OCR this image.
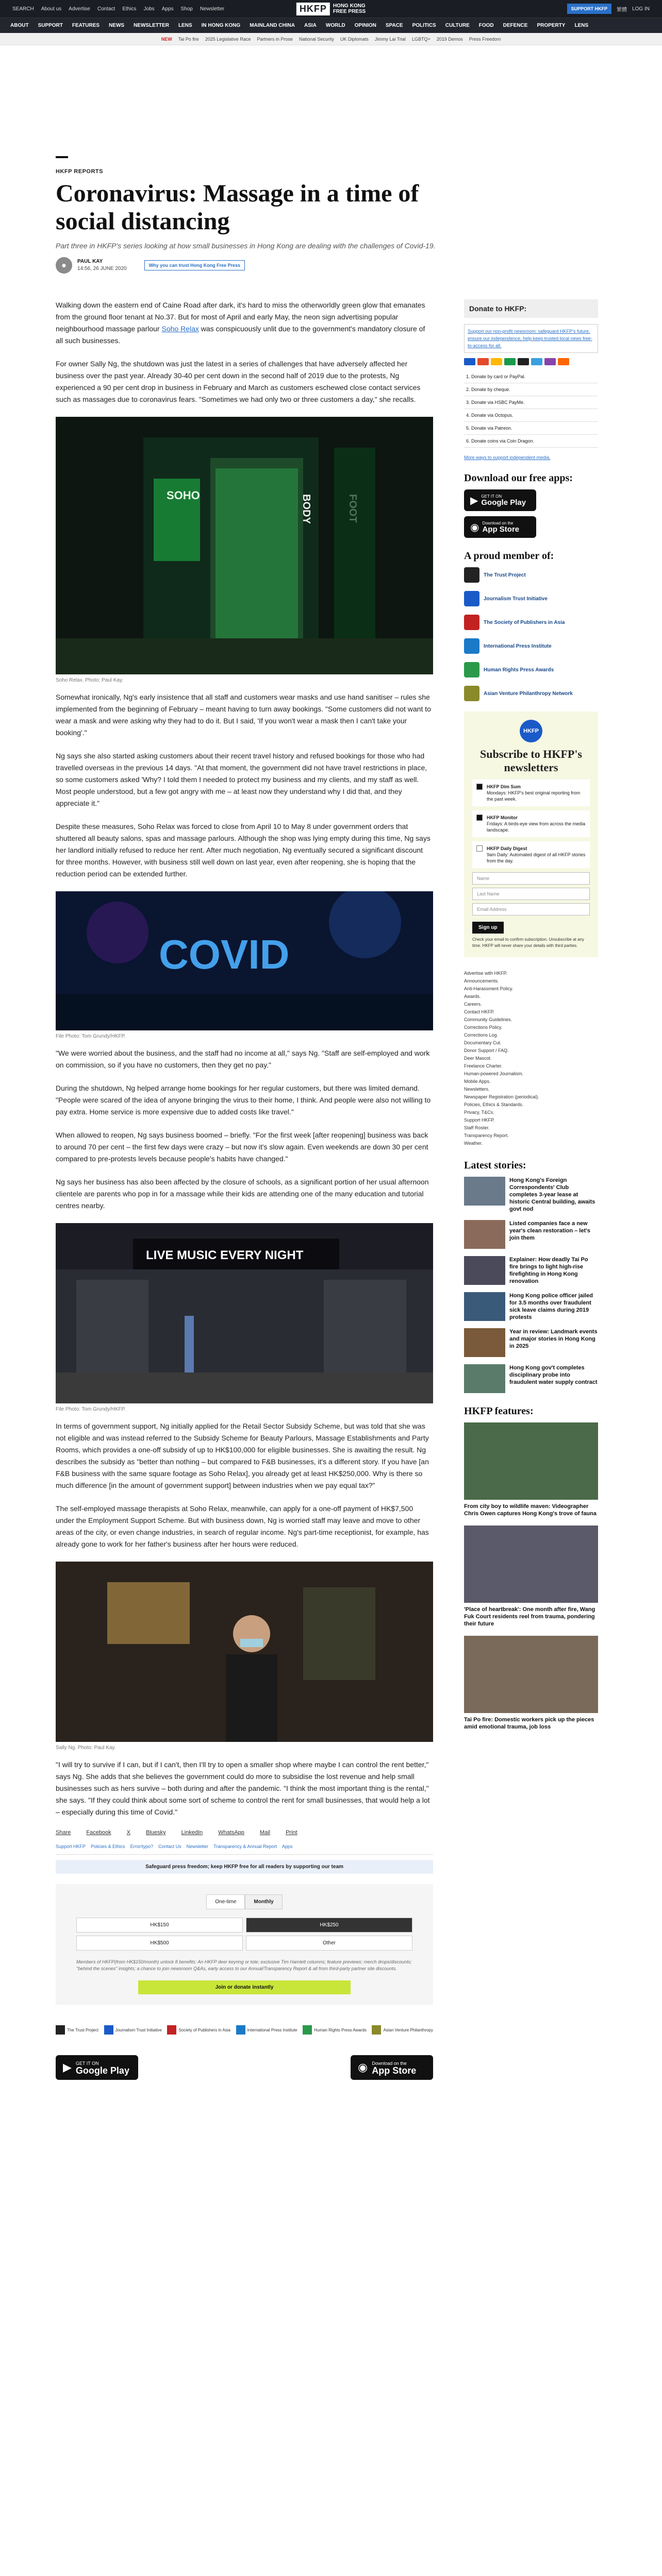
SEARCH About us Advertise Contact Ethics Jobs Apps Shop Newsletter	HKFP	HONG KONG
FREE PRESS	SUPPORT HKFP	繁體 LOG IN
ABOUT SUPPORT FEATURES NEWS NEWSLETTER LENS IN HONG KONG MAINLAND CHINA ASIA WORLD OPINION SPACE POLITICS CULTURE FOOD DEFENCE PROPERTY LENS
NEW Tai Po fire 2025 Legislative Race Partners in Prose National Security UK Diplomats Jimmy Lai Trial LGBTQ+ 2019 Demos Press Freedom
HKFP REPORTS
Coronavirus: Massage in a time of social distancing
Part three in HKFP's series looking at how small businesses in Hong Kong are dealing with the challenges of Covid-19.
☻
PAUL KAY
14:56, 26 JUNE 2020
Why you can trust Hong Kong Free Press

Walking down the eastern end of Caine Road after dark, it's hard to miss the otherworldly green glow that emanates from the ground floor tenant at No.37. But for most of April and early May, the neon sign advertising popular neighbourhood massage parlour Soho Relax was conspicuously unlit due to the government's mandatory closure of all such businesses.

For owner Sally Ng, the shutdown was just the latest in a series of challenges that have adversely affected her business over the past year. Already 30-40 per cent down in the second half of 2019 due to the protests, Ng experienced a 90 per cent drop in business in February and March as customers eschewed close contact services such as massages due to coronavirus fears. "Sometimes we had only two or three customers a day," she recalls.

SOHO	BODY
Soho Relax. Photo: Paul Kay.

Somewhat ironically, Ng's early insistence that all staff and customers wear masks and use hand sanitiser – rules she implemented from the beginning of February – meant having to turn away bookings. "Some customers did not want to wear a mask and were asking why they had to do it. But I said, 'If you won't wear a mask then I can't take your booking'."

Ng says she also started asking customers about their recent travel history and refused bookings for those who had travelled overseas in the previous 14 days. "At that moment, the government did not have travel restrictions in place, so some customers asked 'Why? I told them I needed to protect my business and my clients, and my staff as well. Most people understood, but a few got angry with me – at least now they understand why I did that, and they appreciate it."

Despite these measures, Soho Relax was forced to close from April 10 to May 8 under government orders that shuttered all beauty salons, spas and massage parlours. Although the shop was lying empty during this time, Ng says her landlord initially refused to reduce her rent. After much negotiation, Ng eventually secured a significant discount for three months. However, with business still well down on last year, even after reopening, she is hoping that the reduction period can be extended further.

COVID
File Photo: Tom Grundy/HKFP.

"We were worried about the business, and the staff had no income at all," says Ng. "Staff are self-employed and work on commission, so if you have no customers, then they get no pay."

During the shutdown, Ng helped arrange home bookings for her regular customers, but there was limited demand. "People were scared of the idea of anyone bringing the virus to their home, I think. And people were also not willing to pay extra. Home service is more expensive due to added costs like travel."

When allowed to reopen, Ng says business boomed – briefly. "For the first week [after reopening] business was back to around 70 per cent – the first few days were crazy – but now it's slow again. Even weekends are down 30 per cent compared to pre-protests levels because people's habits have changed."

Ng says her business has also been affected by the closure of schools, as a significant portion of her usual afternoon clientele are parents who pop in for a massage while their kids are attending one of the many education and tutorial centres nearby.

LIVE MUSIC EVERY NIGHT
File Photo: Tom Grundy/HKFP.

In terms of government support, Ng initially applied for the Retail Sector Subsidy Scheme, but was told that she was not eligible and was instead referred to the Subsidy Scheme for Beauty Parlours, Massage Establishments and Party Rooms, which provides a one-off subsidy of up to HK$100,000 for eligible businesses. She is awaiting the result. Ng describes the subsidy as "better than nothing – but compared to F&B businesses, it's a different story. If you have [an F&B business with the same square footage as Soho Relax], you already get at least HK$250,000. Why is there so much difference [in the amount of government support] between industries when we pay equal tax?"

The self-employed massage therapists at Soho Relax, meanwhile, can apply for a one-off payment of HK$7,500 under the Employment Support Scheme. But with business down, Ng is worried staff may leave and move to other areas of the city, or even change industries, in search of regular income. Ng's part-time receptionist, for example, has already gone to work for her father's business after her hours were reduced.

Sally Ng. Photo: Paul Kay.

"I will try to survive if I can, but if I can't, then I'll try to open a smaller shop where maybe I can control the rent better," says Ng. She adds that she believes the government could do more to subsidise the lost revenue and help small businesses such as hers survive – both during and after the pandemic. "I think the most important thing is the rental," she says. "If they could think about some sort of scheme to control the rent for small businesses, that would help a lot – especially during this time of Covid."

Share	Facebook	X	Bluesky	LinkedIn	WhatsApp	Mail	Print
Support HKFP Policies & Ethics Error/typo? Contact Us Newsletter Transparency & Annual Report Apps
Safeguard press freedom; keep HKFP free for all readers by supporting our team
One-time	Monthly
HK$150	HK$250
HK$500	Other
Members of HKFP(from HK$150/month) unlock 8 benefits: An HKFP deer keyring or tote; exclusive Tim Hamlett columns; feature previews; merch drops/discounts; "behind the scenes" insights; a chance to join newsroom Q&As, early access to our Annual/Transparency Report & all from third-party partner site discounts.
Join or donate instantly
The Trust Project	Journalism Trust Initiative	Society of Publishers in Asia	International Press Institute	Human Rights Press Awards	Asian Venture Philanthropy
▶ GET IT ON
Google Play	◉ Download on the
App Store
Donate to HKFP:
Support our non-profit newsroom: safeguard HKFP's future, ensure our independence, help keep trusted local news free-to-access for all.
1. Donate by card or PayPal.
2. Donate by cheque.
3. Donate via HSBC PayMe.
4. Donate via Octopus.
5. Donate via Patreon.
6. Donate coins via Coin Dragon.
More ways to support independent media.
Download our free apps:
▶ GET IT ON
Google Play
◉ Download on the
App Store
A proud member of:
The Trust Project
Journalism Trust Initiative
The Society of Publishers in Asia
International Press Institute
Human Rights Press Awards
Asian Venture Philanthropy Network
HKFP
Subscribe to HKFP's newsletters
HKFP Dim Sum
Mondays: HKFP's best original reporting from the past week.
HKFP Monitor
Fridays: A birds-eye view from across the media landscape.
HKFP Daily Digest
9am Daily: Automated digest of all HKFP stories from the day.
Name
Last Name
Email Address
Sign up
Check your email to confirm subscription. Unsubscribe at any time. HKFP will never share your details with third parties.
Advertise with HKFP.
Announcements.
Anti-Harassment Policy.
Awards.
Careers.
Contact HKFP.
Community Guidelines.
Corrections Policy.
Corrections Log.
Documentary Cut.
Donor Support / FAQ.
Deer Mascot.
Freelance Charter.
Human-powered Journalism.
Mobile Apps.
Newsletters.
Newspaper Registration (periodical).
Policies, Ethics & Standards.
Privacy, T&Cs.
Support HKFP.
Staff Roster.
Transparency Report.
Weather.
Latest stories:
Hong Kong's Foreign Correspondents' Club completes 3-year lease at historic Central building, awaits govt nod
Listed companies face a new year's clean restoration – let's join them
Explainer: How deadly Tai Po fire brings to light high-rise firefighting in Hong Kong renovation
Hong Kong police officer jailed for 3.5 months over fraudulent sick leave claims during 2019 protests
Year in review: Landmark events and major stories in Hong Kong in 2025
Hong Kong gov't completes disciplinary probe into fraudulent water supply contract
HKFP features:
From city boy to wildlife maven: Videographer Chris Owen captures Hong Kong's trove of fauna
'Place of heartbreak': One month after fire, Wang Fuk Court residents reel from trauma, pondering their future
Tai Po fire: Domestic workers pick up the pieces amid emotional trauma, job loss
